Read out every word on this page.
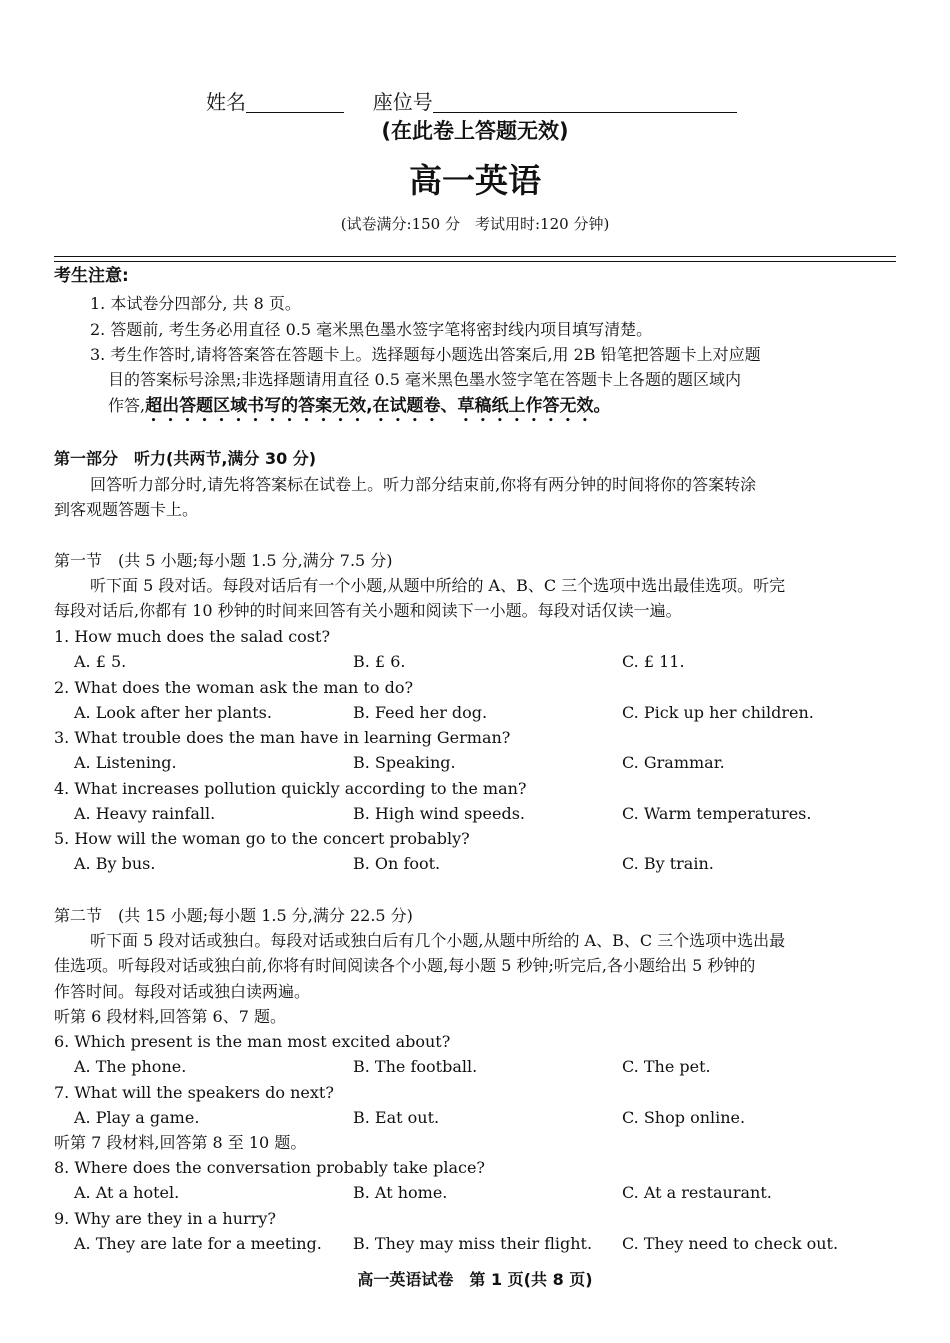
姓名	座位号
(在此卷上答题无效)
高一英语
(试卷满分:150 分　考试用时:120 分钟)
考生注意:
1. 本试卷分四部分, 共 8 页。
2. 答题前, 考生务必用直径 0.5 毫米黑色墨水签字笔将密封线内项目填写清楚。
3. 考生作答时,请将答案答在答题卡上。选择题每小题选出答案后,用 2B 铅笔把答题卡上对应题
目的答案标号涂黑;非选择题请用直径 0.5 毫米黑色墨水签字笔在答题卡上各题的题区域内
作答,超出答题区域书写的答案无效,在试题卷、草稿纸上作答无效。
第一部分　听力(共两节,满分 30 分)
回答听力部分时,请先将答案标在试卷上。听力部分结束前,你将有两分钟的时间将你的答案转涂
到客观题答题卡上。
第一节　(共 5 小题;每小题 1.5 分,满分 7.5 分)
听下面 5 段对话。每段对话后有一个小题,从题中所给的 A、B、C 三个选项中选出最佳选项。听完
每段对话后,你都有 10 秒钟的时间来回答有关小题和阅读下一小题。每段对话仅读一遍。
1. How much does the salad cost?
A. £ 5.	B. £ 6.	C. £ 11.
2. What does the woman ask the man to do?
A. Look after her plants.	B. Feed her dog.	C. Pick up her children.
3. What trouble does the man have in learning German?
A. Listening.	B. Speaking.	C. Grammar.
4. What increases pollution quickly according to the man?
A. Heavy rainfall.	B. High wind speeds.	C. Warm temperatures.
5. How will the woman go to the concert probably?
A. By bus.	B. On foot.	C. By train.
第二节　(共 15 小题;每小题 1.5 分,满分 22.5 分)
听下面 5 段对话或独白。每段对话或独白后有几个小题,从题中所给的 A、B、C 三个选项中选出最
佳选项。听每段对话或独白前,你将有时间阅读各个小题,每小题 5 秒钟;听完后,各小题给出 5 秒钟的
作答时间。每段对话或独白读两遍。
听第 6 段材料,回答第 6、7 题。
6. Which present is the man most excited about?
A. The phone.	B. The football.	C. The pet.
7. What will the speakers do next?
A. Play a game.	B. Eat out.	C. Shop online.
听第 7 段材料,回答第 8 至 10 题。
8. Where does the conversation probably take place?
A. At a hotel.	B. At home.	C. At a restaurant.
9. Why are they in a hurry?
A. They are late for a meeting. B. They may miss their flight. C. They need to check out.
高一英语试卷　第 1 页(共 8 页)
